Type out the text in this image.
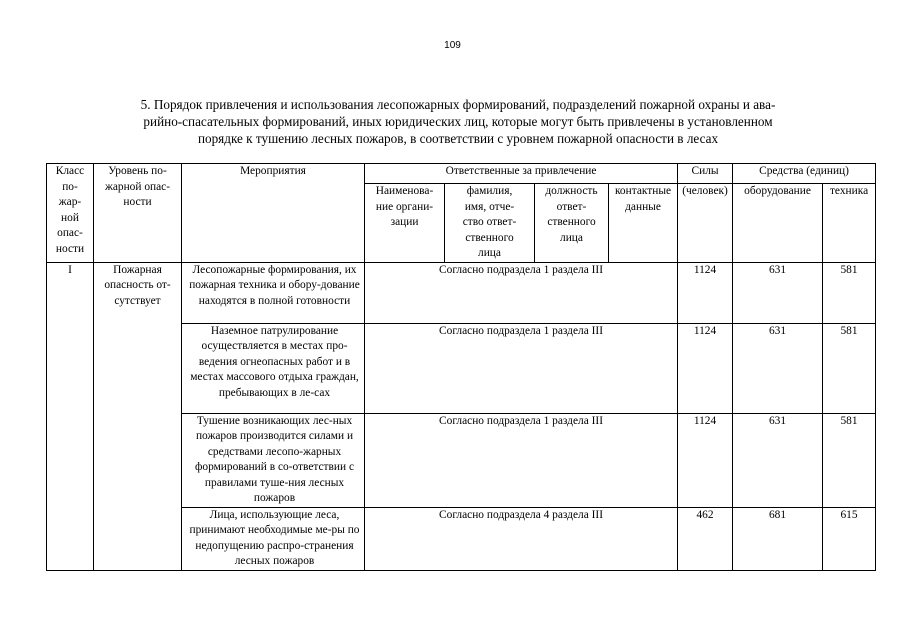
109
5. Порядок привлечения и использования лесопожарных формирований, подразделений пожарной охраны и ава-
рийно-спасательных формирований, иных юридических лиц, которые могут быть привлечены в установленном
порядке к тушению лесных пожаров, в соответствии с уровнем пожарной опасности в лесах
Класс по-жар-ной опас-ности	Уровень по-жарной опас-ности	Мероприятия	Ответственные за привлечение				Силы	Средства (единиц)	
			Наименова-ние органи-зации	фамилия, имя, отче-ство ответ-ственного лица	должность ответ-ственного лица	контактные данные	(человек)	оборудование	техника
I	Пожарная опасность от-сутствует	Лесопожарные формирования, их пожарная техника и обору-дование находятся в полной готовности	Согласно подраздела 1 раздела III				1124	631	581
		Наземное патрулирование осуществляется в местах про-ведения огнеопасных работ и в местах массового отдыха граждан, пребывающих в ле-сах	Согласно подраздела 1 раздела III				1124	631	581
		Тушение возникающих лес-ных пожаров производится силами и средствами лесопо-жарных формирований в со-ответствии с правилами туше-ния лесных пожаров	Согласно подраздела 1 раздела III				1124	631	581
		Лица, использующие леса, принимают необходимые ме-ры по недопущению распро-странения лесных пожаров	Согласно подраздела 4 раздела III				462	681	615
